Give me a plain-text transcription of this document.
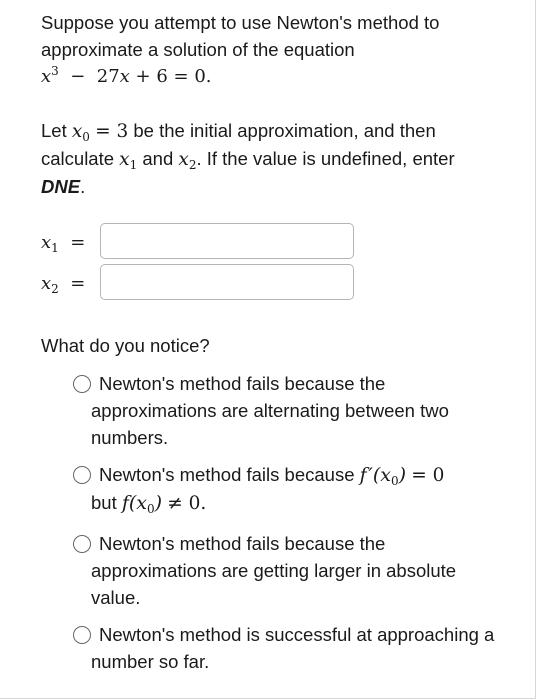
Suppose you attempt to use Newton's method to
approximate a solution of the equation
$x^3 - 27x + 6 = 0$.
Let $x_0 = 3$ be the initial approximation, and then
calculate $x_1$ and $x_2$. If the value is undefined, enter
DNE.
$x_1$  =
$x_2$  =
What do you notice?
Newton's method fails because the approximations are alternating between two numbers.
Newton's method fails because f $'(x_0) = 0$
but $f(x_0) \ne 0$.
Newton's method fails because the approximations are getting larger in absolute value.
Newton's method is successful at approaching a number so far.
